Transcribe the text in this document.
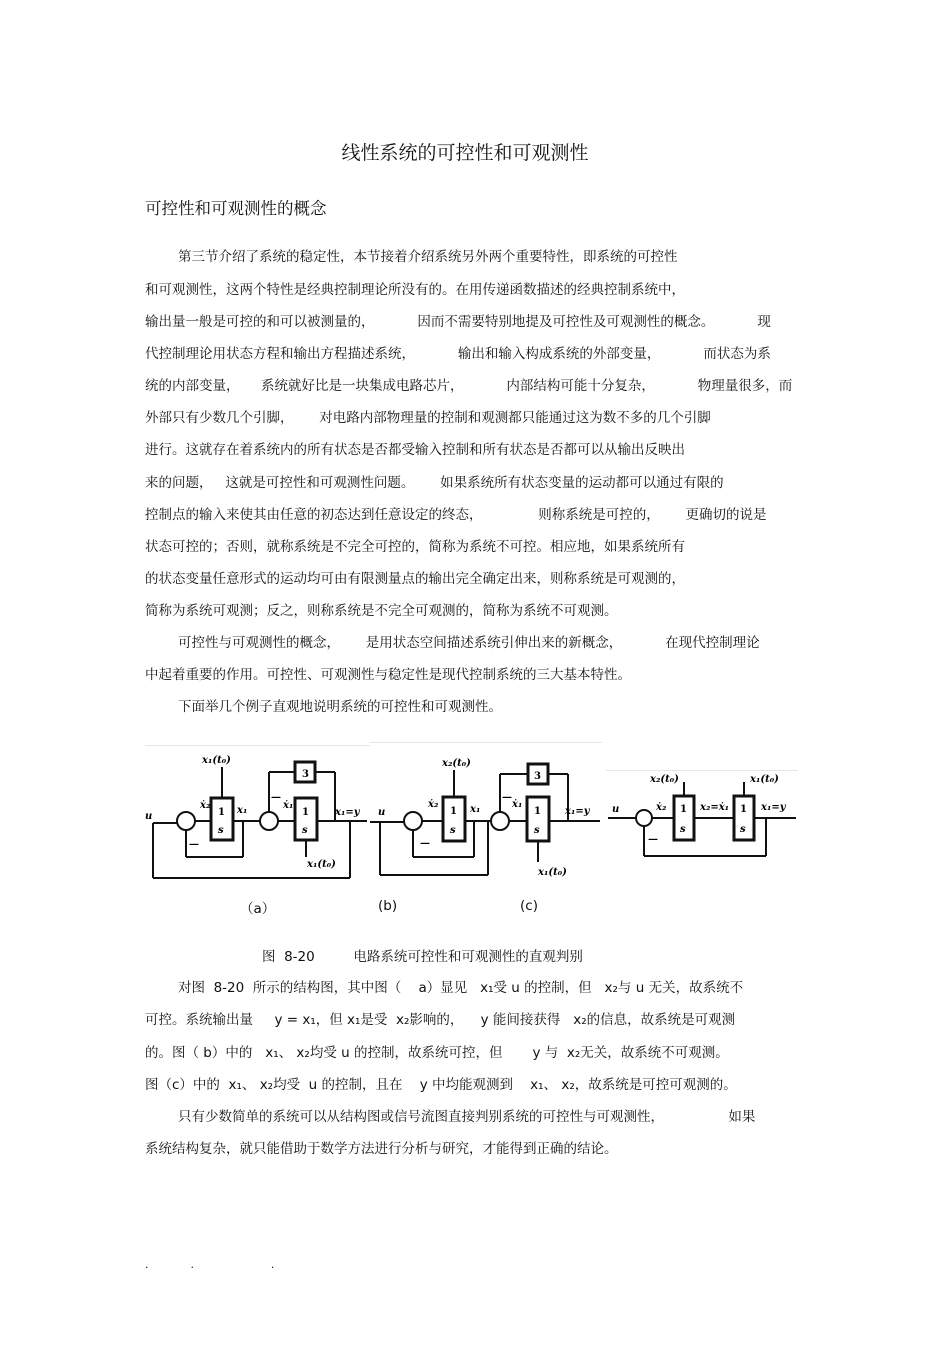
线性系统的可控性和可观测性
可控性和可观测性的概念
第三节介绍了系统的稳定性，本节接着介绍系统另外两个重要特性，即系统的可控性
和可观测性，这两个特性是经典控制理论所没有的。在用传递函数描述的经典控制系统中，
输出量一般是可控的和可以被测量的，          因而不需要特别地提及可控性及可观测性的概念。          现
代控制理论用状态方程和输出方程描述系统，          输出和输入构成系统的外部变量，          而状态为系
统的内部变量，     系统就好比是一块集成电路芯片，          内部结构可能十分复杂，          物理量很多，而
外部只有少数几个引脚，      对电路内部物理量的控制和观测都只能通过这为数不多的几个引脚
进行。这就存在着系统内的所有状态是否都受输入控制和所有状态是否都可以从输出反映出
来的问题，   这就是可控性和可观测性问题。      如果系统所有状态变量的运动都可以通过有限的
控制点的输入来使其由任意的初态达到任意设定的终态，             则称系统是可控的，      更确切的说是
状态可控的；否则，就称系统是不完全可控的，简称为系统不可控。相应地，如果系统所有
的状态变量任意形式的运动均可由有限测量点的输出完全确定出来，则称系统是可观测的，
简称为系统可观测；反之，则称系统是不完全可观测的，简称为系统不可观测。
可控性与可观测性的概念，      是用状态空间描述系统引伸出来的新概念，          在现代控制理论
中起着重要的作用。可控性、可观测性与稳定性是现代控制系统的三大基本特性。
下面举几个例子直观地说明系统的可控性和可观测性。
x₁(t₀)
ẋ₂	x₁	ẋ₁
x₁=y
u	1
s
1
s
3
x₁(t₀)
—
—
x₂(t₀)
ẋ₂	x₁	ẋ₁
x₁=y
u	1
s
1
s
3
x₁(t₀)
—
—
x₂(t₀)	x₁(t₀)
ẋ₂	x₂=ẋ₁	x₁=y
u	1
s
1
s
—
（a）	(b)	(c)
图  8-20         电路系统可控性和可观测性的直观判别
对图  8-20  所示的结构图，其中图（    a）显见   x₁受 u 的控制，但   x₂与 u 无关，故系统不
可控。系统输出量     y = x₁，但 x₁是受  x₂影响的，    y 能间接获得   x₂的信息，故系统是可观测
的。图（ b）中的   x₁、 x₂均受 u 的控制，故系统可控，但       y 与  x₂无关，故系统不可观测。
图（c）中的  x₁、 x₂均受  u 的控制，且在    y 中均能观测到    x₁、 x₂，故系统是可控可观测的。
只有少数简单的系统可以从结构图或信号流图直接判别系统的可控性与可观测性，               如果
系统结构复杂，就只能借助于数学方法进行分析与研究，才能得到正确的结论。
.            .                      .
